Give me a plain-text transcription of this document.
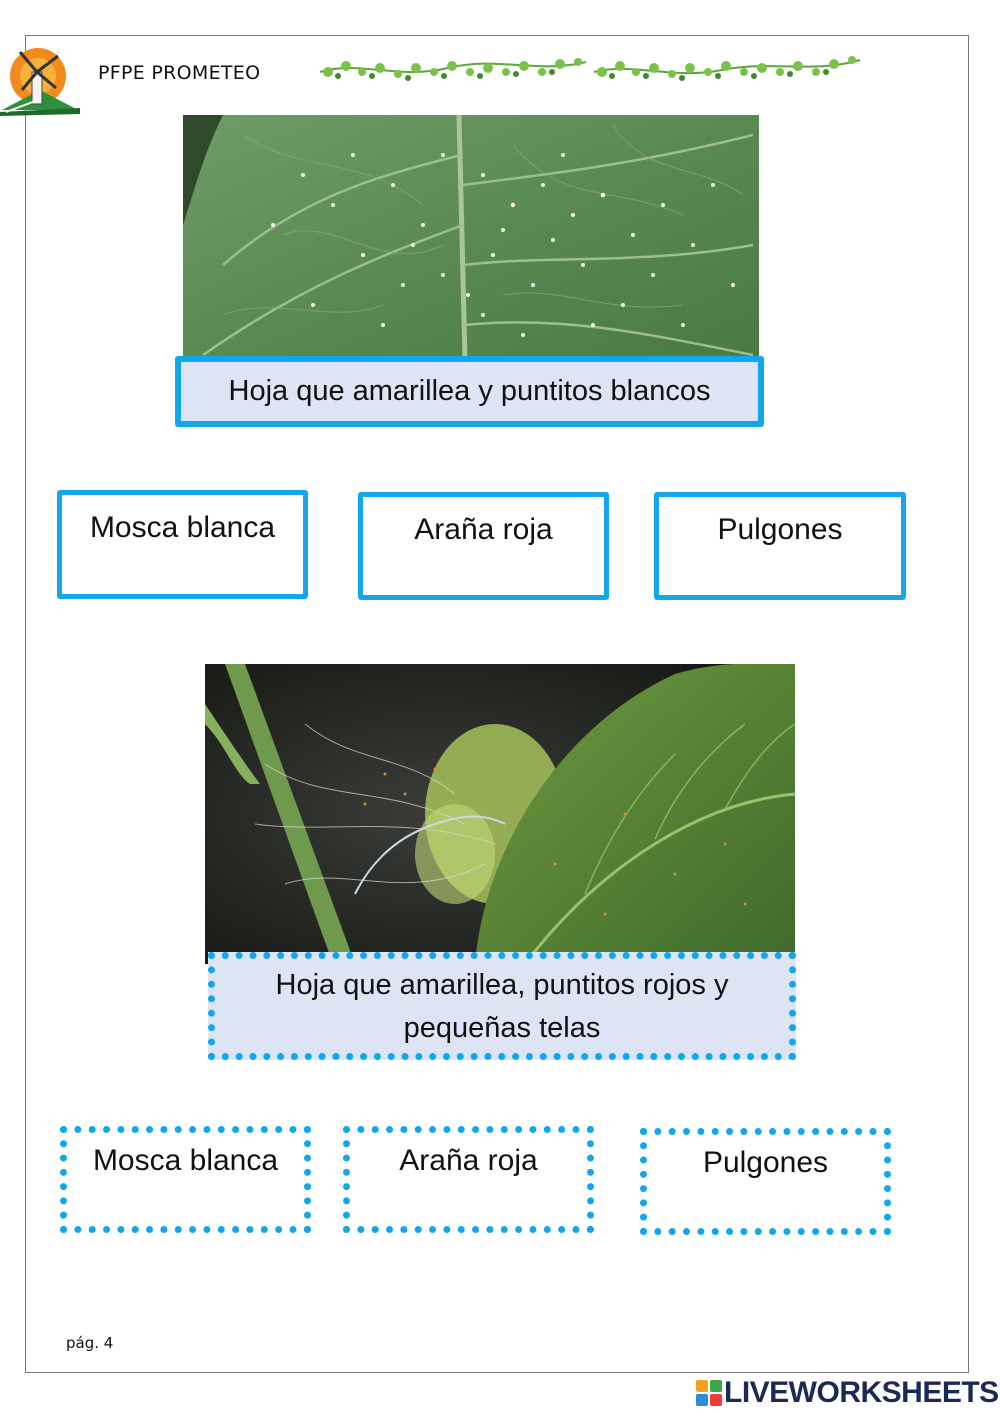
PFPE PROMETEO
Hoja que amarillea y puntitos blancos
Mosca blanca	Araña roja	Pulgones
Hoja que amarillea, puntitos rojos y pequeñas telas
Mosca blanca	Araña roja	Pulgones
pág. 4
LIVEWORKSHEETS
